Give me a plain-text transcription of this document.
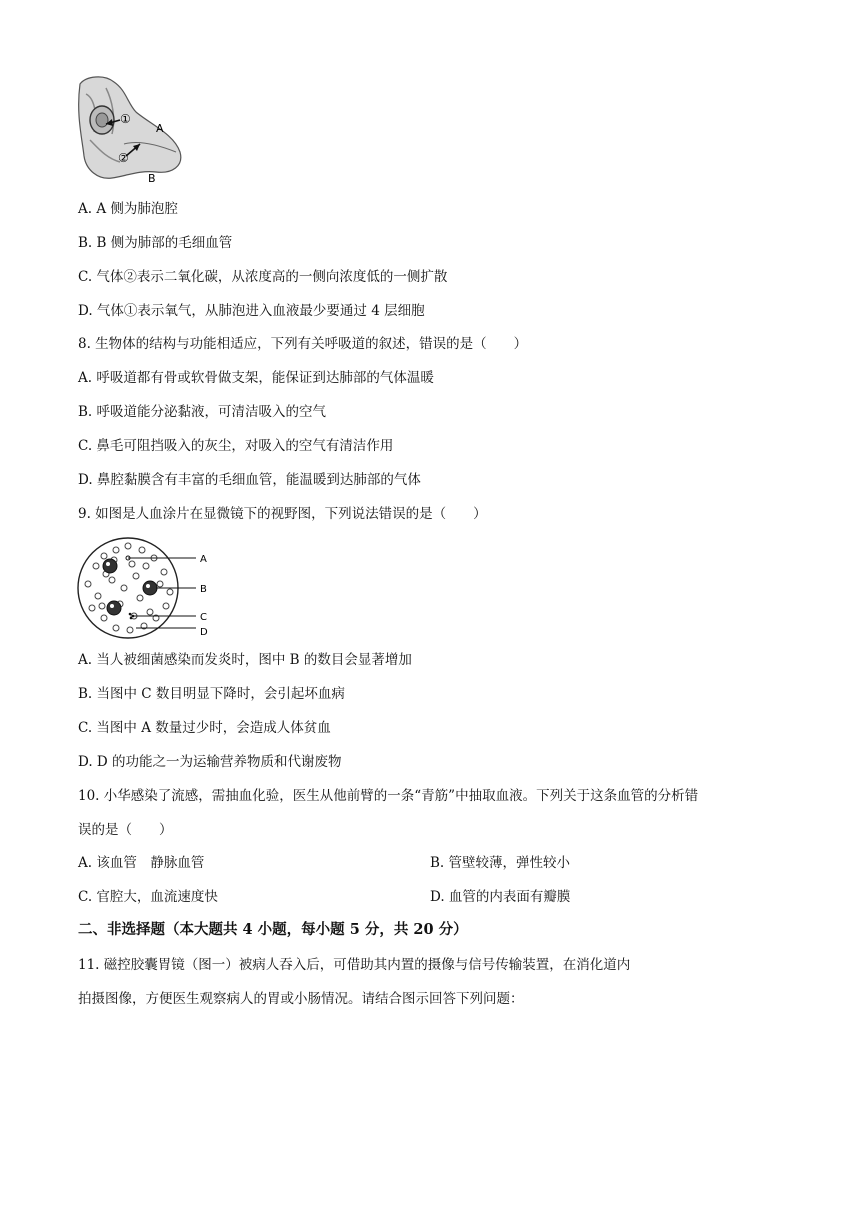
①
A
②
B
A. A 侧为肺泡腔
B. B 侧为肺部的毛细血管
C. 气体②表示二氧化碳，从浓度高的一侧向浓度低的一侧扩散
D. 气体①表示氧气，从肺泡进入血液最少要通过 4 层细胞
8. 生物体的结构与功能相适应，下列有关呼吸道的叙述，错误的是（　　）
A. 呼吸道都有骨或软骨做支架，能保证到达肺部的气体温暖
B. 呼吸道能分泌黏液，可清洁吸入的空气
C. 鼻毛可阻挡吸入的灰尘，对吸入的空气有清洁作用
D. 鼻腔黏膜含有丰富的毛细血管，能温暖到达肺部的气体
9. 如图是人血涂片在显微镜下的视野图，下列说法错误的是（　　）
A
B
C
D
A. 当人被细菌感染而发炎时，图中 B 的数目会显著增加
B. 当图中 C 数目明显下降时，会引起坏血病
C. 当图中 A 数量过少时，会造成人体贫血
D. D 的功能之一为运输营养物质和代谢废物
10. 小华感染了流感，需抽血化验，医生从他前臂的一条“青筋”中抽取血液。下列关于这条血管的分析错
误的是（　　）
A. 该血管　静脉血管	B. 管壁较薄，弹性较小
C. 官腔大，血流速度快	D. 血管的内表面有瓣膜
二、非选择题（本大题共 4 小题，每小题 5 分，共 20 分）
11. 磁控胶囊胃镜（图一）被病人吞入后，可借助其内置的摄像与信号传输装置，在消化道内
拍摄图像，方便医生观察病人的胃或小肠情况。请结合图示回答下列问题：
